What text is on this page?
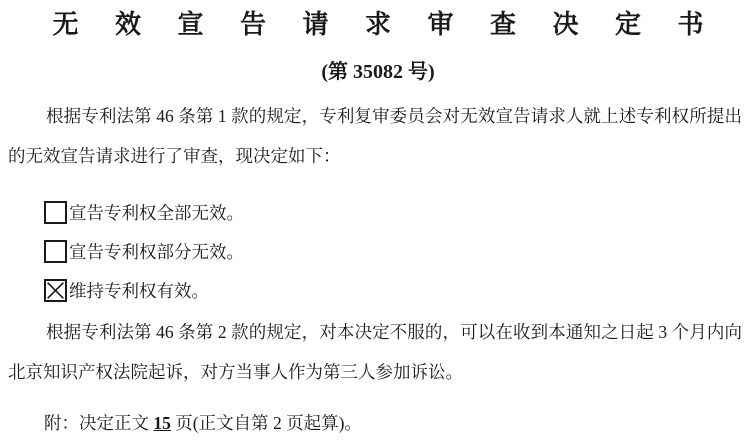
无 效 宣 告 请 求 审 查 决 定 书
(第 35082 号)

根据专利法第 46 条第 1 款的规定，专利复审委员会对无效宣告请求人就上述专利权所提出的无效宣告请求进行了审查，现决定如下：

宣告专利权全部无效。
宣告专利权部分无效。
维持专利权有效。

根据专利法第 46 条第 2 款的规定，对本决定不服的，可以在收到本通知之日起 3 个月内向北京知识产权法院起诉，对方当事人作为第三人参加诉讼。

附：决定正文 15 页(正文自第 2 页起算)。
